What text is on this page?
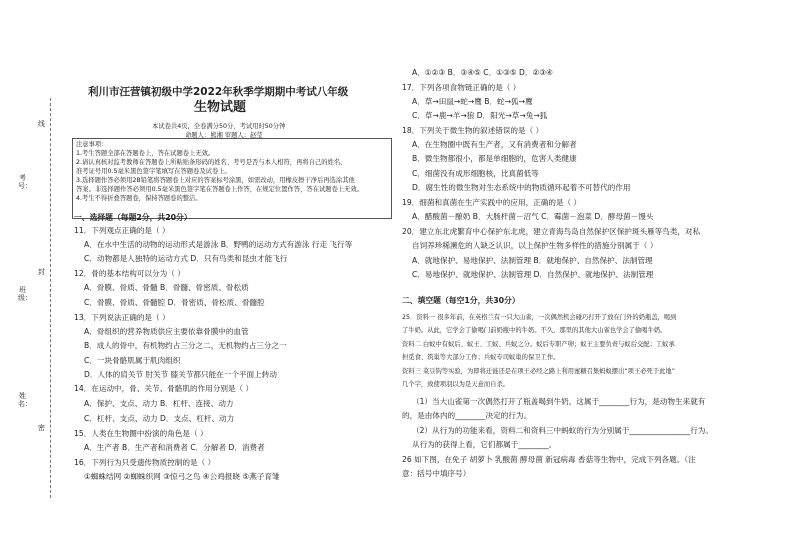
线
封
密
考号：
班级：
姓名：
利川市汪营镇初级中学2022年秋季学期期中考试八年级
生物试题
本试卷共4页，全卷满分50分，考试用时50分钟
命题人：熊湘 审题人：赵莹
注意事项：
1.考生答题全部在答题卷上，答在试题卷上无效。
2.请认真核对监考教师在答题卷上所粘贴条形码的姓名、考号是否与本人相符，再将自己的姓名、
准考证号用0.5毫米黑色签字笔填写在答题卷及试卷上。
3.选择题作答必须用2B铅笔将答题卷上对应的答案标号涂黑，如需改动，用橡皮擦干净后再选涂其他
答案。非选择题作答必须用0.5毫米黑色签字笔在答题卷上作答，在规定位置作答，答在试题卷上无效。
4.考生不得折叠答题卷，保持答题卷的整洁。
一、选择题（每题2分，共20分）
11．下列观点正确的是（ ）
A．在水中生活的动物的运动形式是游泳 B．野鸭的运动方式有游泳 行走 飞行等
C．动物都是人独特的运动方式 D．只有鸟类和昆虫才能飞行
12．骨的基本结构可以分为（ ）
A．骨膜、骨质、骨髓 B．骨髓、骨密质、骨松质
C．骨膜、骨质、骨髓腔 D．骨密质、骨松质、骨髓腔
13．下列说法正确的是（ ）
A．骨组织的营养物质供应主要依靠骨膜中的血管
B．成人的骨中，有机物约占三分之二，无机物约占三分之一
C．一块骨骼肌属于肌肉组织
D．人体的肩关节 肘关节 膝关节都只能在一个平面上转动
14．在运动中，骨、关节、骨骼肌的作用分别是（ ）
A．保护、支点、动力 B．杠杆、连接、动力
C．杠杆、支点、动力 D．支点、杠杆、动力
15．人类在生物圈中扮演的角色是（ ）
A．生产者 B．生产者和消费者 C．分解者 D．消费者
16．下列行为只受遗传物质控制的是（ ）
①蜘蛛结网 ②蜘蛛织网 ③惊弓之鸟 ④公鸡报晓 ⑤燕子育雏
A．①②③ B．③④⑤ C．①③⑤ D．②③④
17．下列各项食物链正确的是（ ）
A．草→田鼠→蛇→鹰 B．蛇→狐→鹰
C．草→鹿→羊→狼 D．阳光→草→兔→狐
18．下列关于微生物的叙述错误的是（ ）
A．在生物圈中既有生产者，又有消费者和分解者
B．微生物都很小，都是单细胞的，危害人类健康
C．细菌没有成形细胞核，比真菌低等
D．腐生性的微生物对生态系统中的物质循环起着不可替代的作用
19．细菌和真菌在生产实践中的应用，正确的是（ ）
A．醋酸菌－酿奶 B．大肠杆菌－沼气 C．霉菌－泡菜 D．酵母菌－馒头
20．建立东北虎繁育中心保护东北虎，建立青海鸟岛自然保护区保护斑头雁等鸟类，对私
自饲养珍稀濒危的人缺乏认识，以上保护生物多样性的措施分别属于（ ）
A．就地保护、易地保护、法制管理 B．就地保护、自然保护、法制管理
C．易地保护、就地保护、法制管理 D．自然保护、就地保护、法制管理
二、填空题（每空1分，共30分）
25．资料一 很多年前，在英格兰有一只大山雀，一次偶然机会碰巧打开了放在门外的奶瓶盖，喝到
了牛奶。从此，它学会了偷喝门前奶瓶中的牛奶。不久，那里的其他大山雀也学会了偷喝牛奶。
资料二 白蚁中有蚁后、蚁王、工蚁、兵蚁之分。蚁后专职产卵；蚁王主要负责与蚁后交配；工蚁承
担觅食、筑巢等大部分工作；兵蚁专司蚁巢的保卫工作。
资料三 菜豆钩等实验，为即将迁徙还是在项王必经之路上利用蜜糖召集蚂蚁摆出“项王必死于此地”
几个字，致使项羽以为是天意而自杀。
（1）当大山雀第一次偶然打开了瓶盖喝到牛奶，这属于________行为，是动物生来就有
的，是由体内的________决定的行为。
（2）从行为的功能来看，资料二和资料三中蚂蚁的行为分别属于________________行为。
从行为的获得上看，它们都属于________。
26 如下图，在免子 胡萝卜 乳酸菌 酵母菌 新冠病毒 香菇等生物中，完成下列各题。（注
意：括号中填序号）
